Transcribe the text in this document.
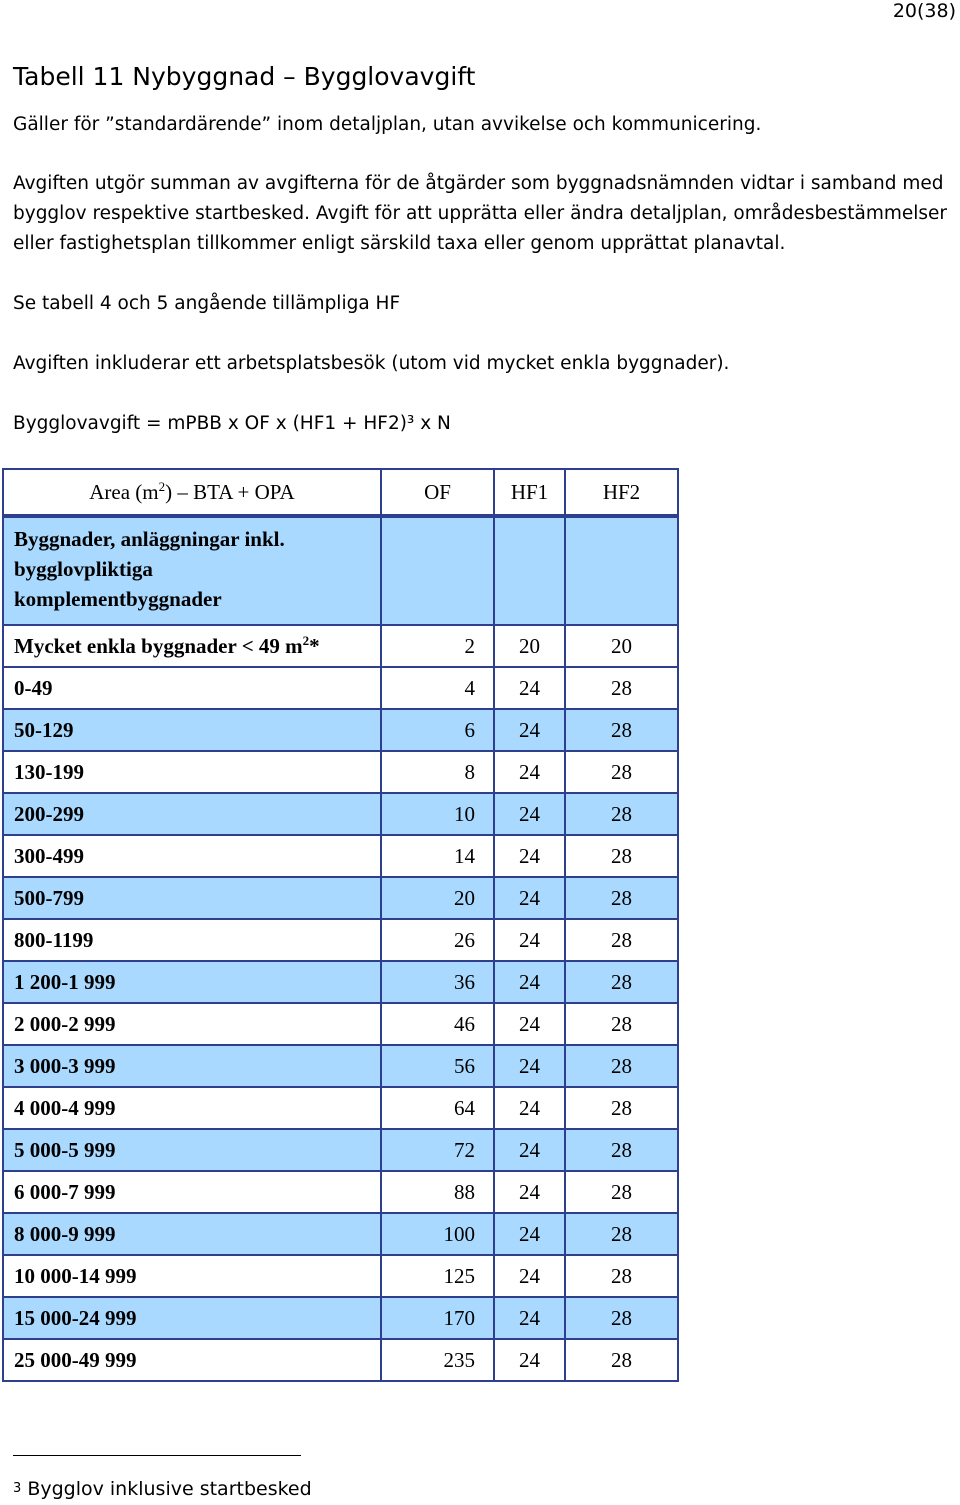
20(38)
Tabell 11 Nybyggnad – Bygglovavgift

Gäller för ”standardärende” inom detaljplan, utan avvikelse och kommunicering.

Avgiften utgör summan av avgifterna för de åtgärder som byggnadsnämnden vidtar i samband med bygglov respektive startbesked. Avgift för att upprätta eller ändra detaljplan, områdesbestämmelser eller fastighetsplan tillkommer enligt särskild taxa eller genom upprättat planavtal.

Se tabell 4 och 5 angående tillämpliga HF

Avgiften inkluderar ett arbetsplatsbesök (utom vid mycket enkla byggnader).

Bygglovavgift = mPBB x OF x (HF1 + HF2)³ x N

Area $(m^2)$ – BTA + OPA	OF	HF1	HF2
Byggnader, anläggningar inkl. bygglovpliktiga komplementbyggnader			
Mycket enkla byggnader < 49 $m^2*$	2	20	20
0-49	4	24	28
50-129	6	24	28
130-199	8	24	28
200-299	10	24	28
300-499	14	24	28
500-799	20	24	28
800-1199	26	24	28
1 200-1 999	36	24	28
2 000-2 999	46	24	28
3 000-3 999	56	24	28
4 000-4 999	64	24	28
5 000-5 999	72	24	28
6 000-7 999	88	24	28
8 000-9 999	100	24	28
10 000-14 999	125	24	28
15 000-24 999	170	24	28
25 000-49 999	235	24	28

3 Bygglov inklusive startbesked
